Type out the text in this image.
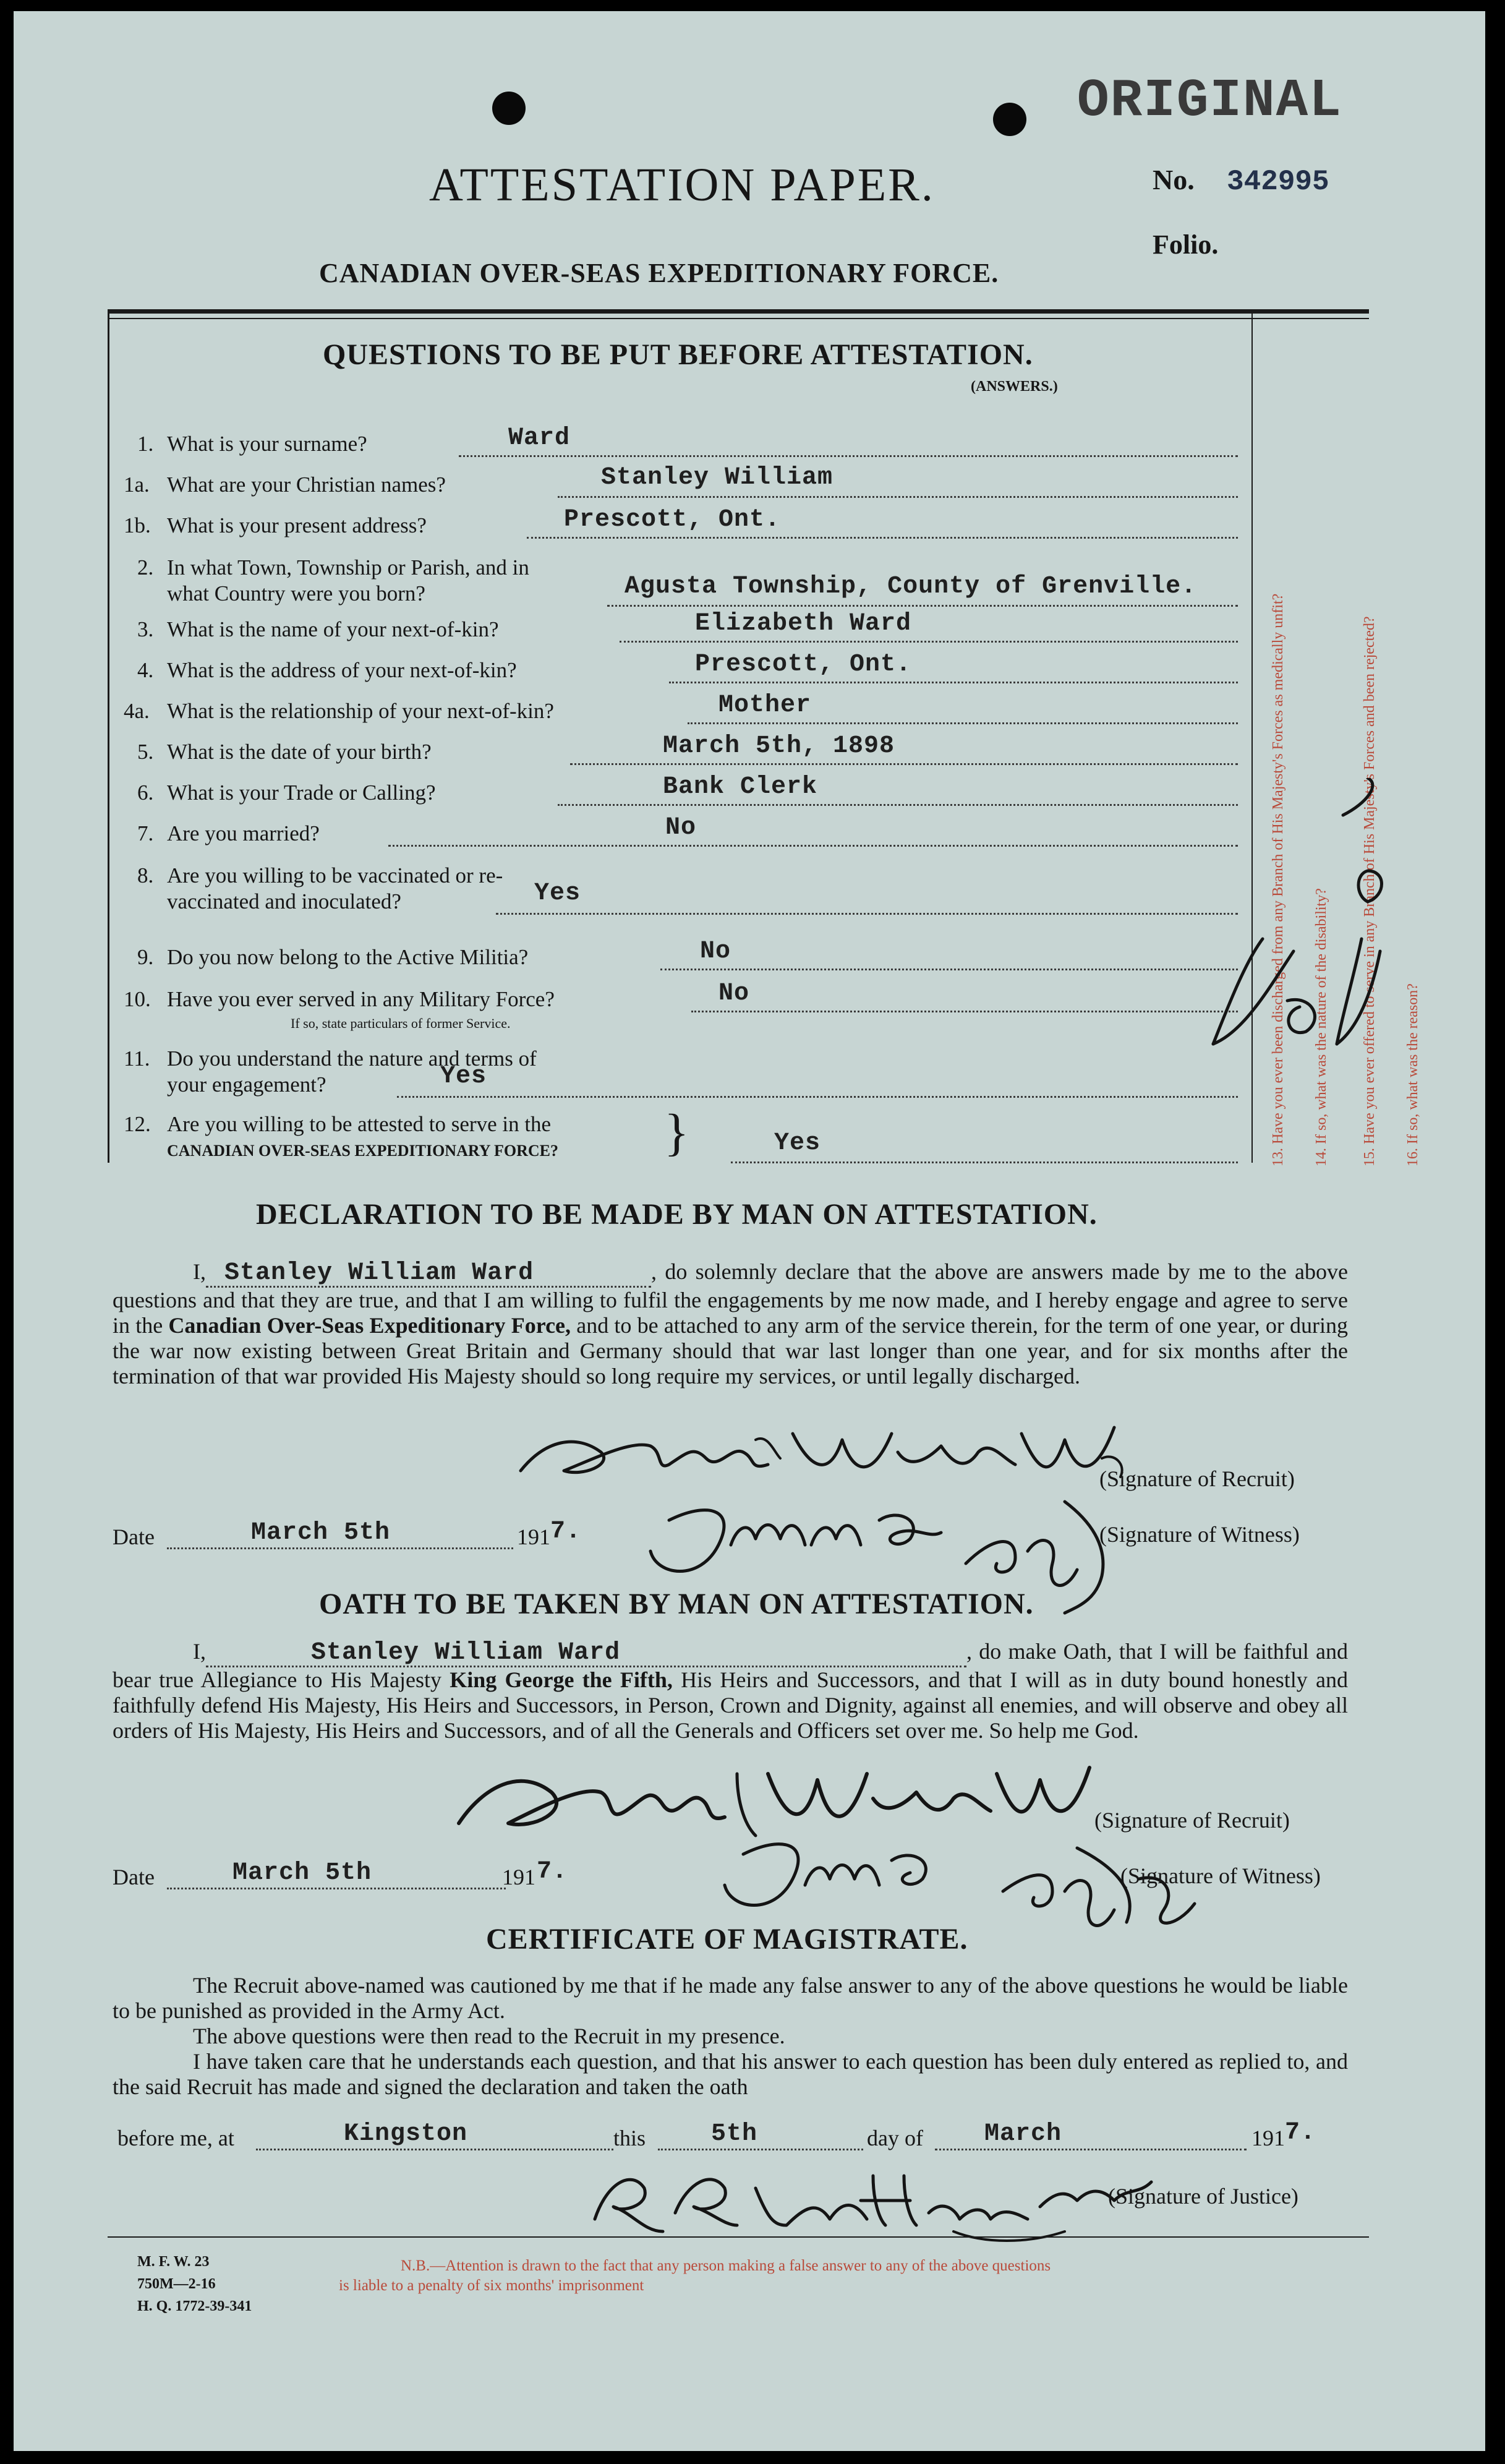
ORIGINAL
ATTESTATION PAPER.	No. 342995
CANADIAN OVER-SEAS EXPEDITIONARY FORCE.
Folio.
QUESTIONS TO BE PUT BEFORE ATTESTATION.
(ANSWERS.)
1. What is your surname?	Ward
1a. What are your Christian names?	Stanley William
1b. What is your present address?	Prescott, Ont.
2. In what Town, Township or Parish, and in
what Country were you born?	Agusta Township, County of Grenville.
3. What is the name of your next-of-kin?	Elizabeth Ward
4. What is the address of your next-of-kin?	Prescott, Ont.
4a. What is the relationship of your next-of-kin?	Mother
5. What is the date of your birth?	March 5th, 1898
6. What is your Trade or Calling?	Bank Clerk
7. Are you married?	No
8. Are you willing to be vaccinated or re-
vaccinated and inoculated?	Yes
9. Do you now belong to the Active Militia?	No
10. Have you ever served in any Military Force?
If so, state particulars of former Service.
No
11. Do you understand the nature and terms of
your engagement?	Yes
12. Are you willing to be attested to serve in the
CANADIAN OVER-SEAS EXPEDITIONARY FORCE?	Yes
}	13. Have you ever been discharged from any Branch of His Majesty's Forces as medically unfit? 14. If so, what was the nature of the disability? 15. Have you ever offered to serve in any Branch of His Majesty's Forces and been rejected? 16. If so, what was the reason?
DECLARATION TO BE MADE BY MAN ON ATTESTATION.
I, Stanley William Ward	, do solemnly declare that the above are answers made by me to the above questions and that they are true, and that I am willing to fulfil the engagements by me now made, and I hereby engage and agree to serve in the Canadian Over-Seas Expeditionary Force, and to be attached to any arm of the service therein, for the term of one year, or during the war now existing between Great Britain and Germany should that war last longer than one year, and for six months after the termination of that war provided His Majesty should so long require my services, or until legally discharged.
(Signature of Recruit)
Date	March 5th	191 7.	(Signature of Witness)
OATH TO BE TAKEN BY MAN ON ATTESTATION.
I,	Stanley William Ward	, do make Oath, that I will be faithful and bear true Allegiance to His Majesty King George the Fifth, His Heirs and Successors, and that I will as in duty bound honestly and faithfully defend His Majesty, His Heirs and Successors, in Person, Crown and Dignity, against all enemies, and will observe and obey all orders of His Majesty, His Heirs and Successors, and of all the Generals and Officers set over me. So help me God.
(Signature of Recruit)
Date	March 5th	191 7.	(Signature of Witness)
CERTIFICATE OF MAGISTRATE.
The Recruit above-named was cautioned by me that if he made any false answer to any of the above questions he would be liable to be punished as provided in the Army Act.
The above questions were then read to the Recruit in my presence.
I have taken care that he understands each question, and that his answer to each question has been duly entered as replied to, and the said Recruit has made and signed the declaration and taken the oath
before me, at	Kingston	this	5th	day of March	191 7.
(Signature of Justice)
M. F. W. 23
750M—2-16
H. Q. 1772-39-341
N.B.—Attention is drawn to the fact that any person making a false answer to any of the above questions
is liable to a penalty of six months' imprisonment
